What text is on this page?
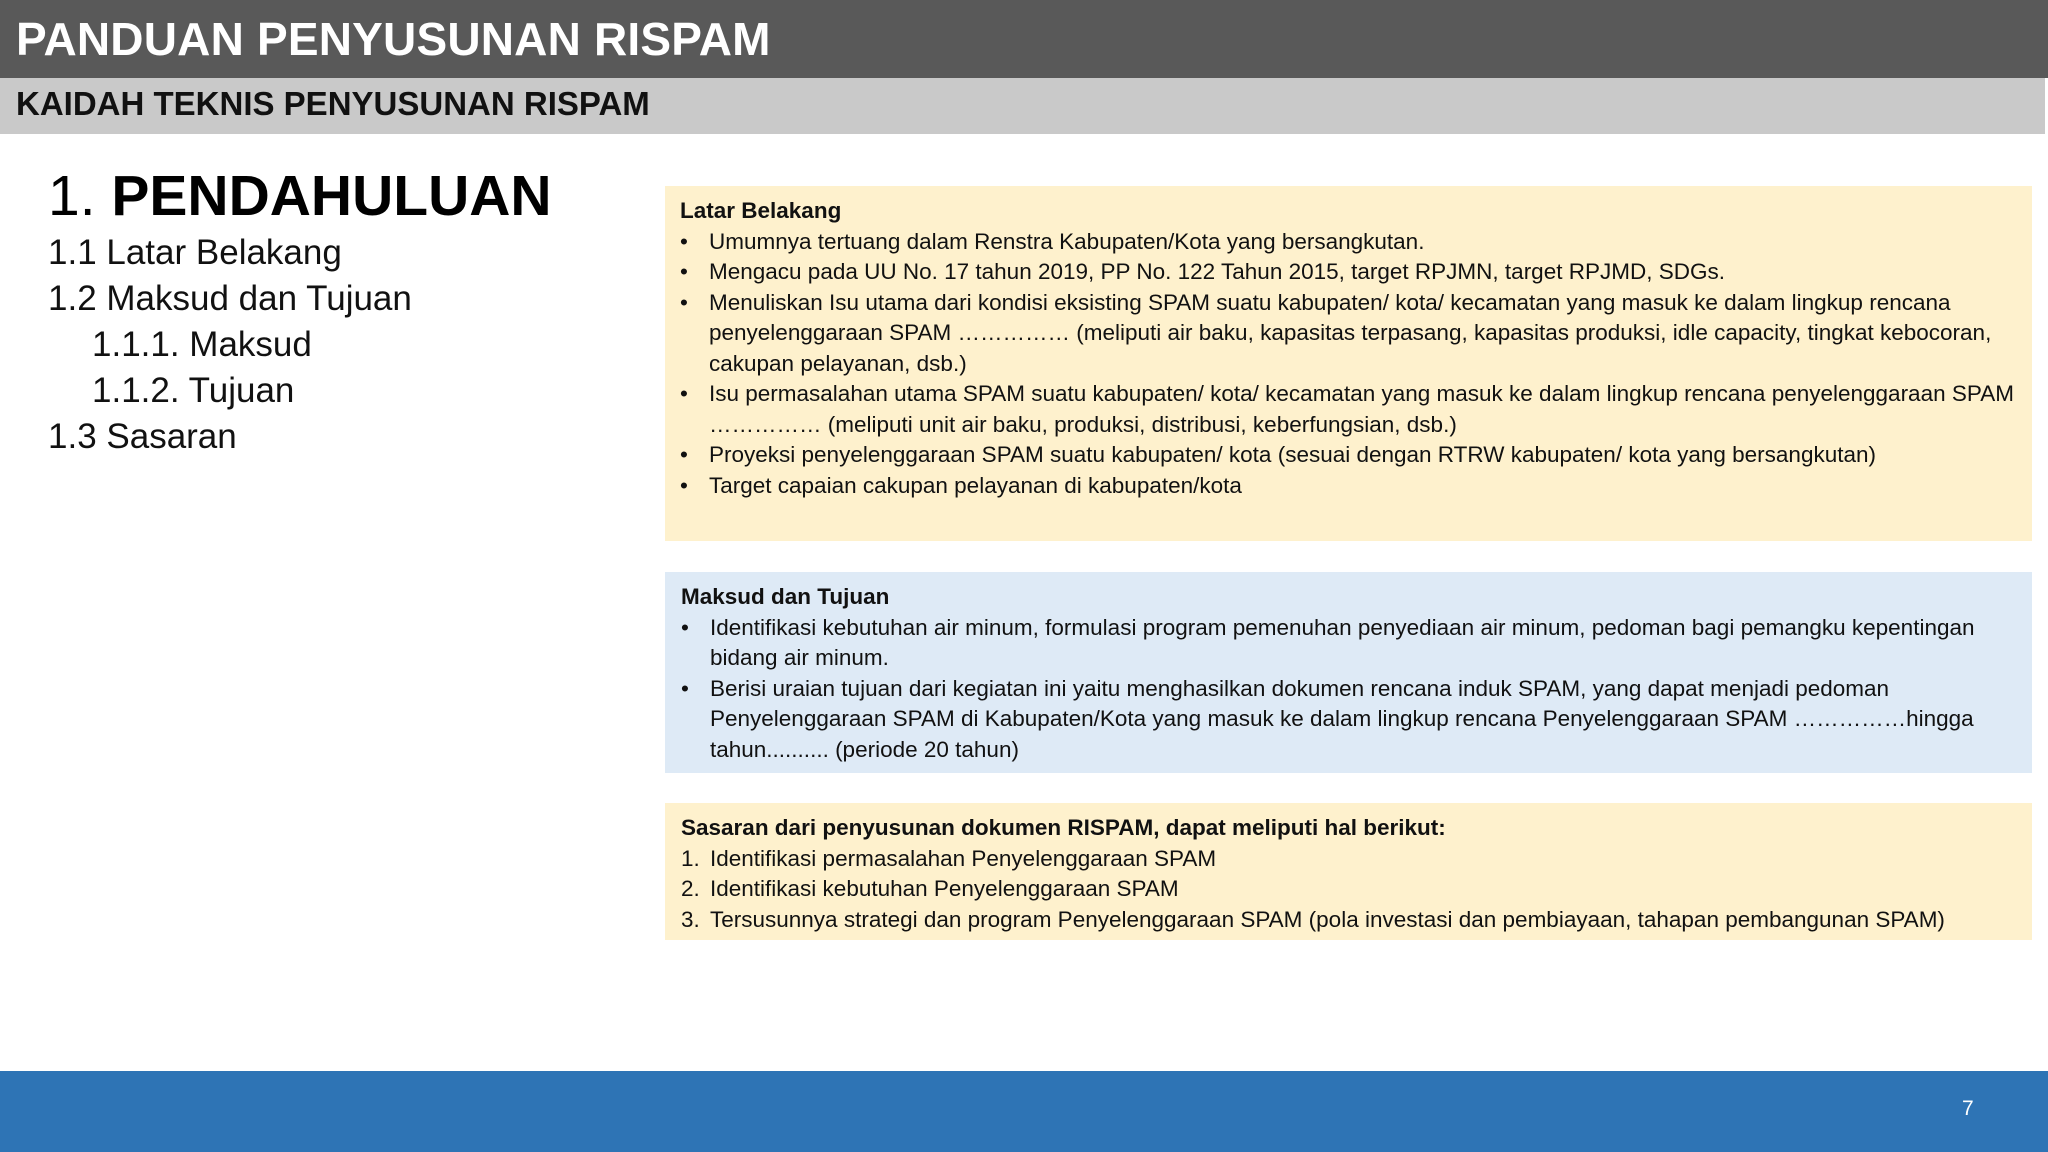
PANDUAN PENYUSUNAN RISPAM
KAIDAH TEKNIS PENYUSUNAN RISPAM
1. PENDAHULUAN
1.1 Latar Belakang
1.2 Maksud dan Tujuan
1.1.1. Maksud
1.1.2. Tujuan
1.3 Sasaran
Latar Belakang
• Umumnya tertuang dalam Renstra Kabupaten/Kota yang bersangkutan.
• Mengacu pada UU No. 17 tahun 2019, PP No. 122 Tahun 2015, target RPJMN, target RPJMD, SDGs.
• Menuliskan Isu utama dari kondisi eksisting SPAM suatu kabupaten/ kota/ kecamatan yang masuk ke dalam lingkup rencana penyelenggaraan SPAM …………… (meliputi air baku, kapasitas terpasang, kapasitas produksi, idle capacity, tingkat kebocoran, cakupan pelayanan, dsb.)
• Isu permasalahan utama SPAM suatu kabupaten/ kota/ kecamatan yang masuk ke dalam lingkup rencana penyelenggaraan SPAM …………… (meliputi unit air baku, produksi, distribusi, keberfungsian, dsb.)
• Proyeksi penyelenggaraan SPAM suatu kabupaten/ kota (sesuai dengan RTRW kabupaten/ kota yang bersangkutan)
• Target capaian cakupan pelayanan di kabupaten/kota
Maksud dan Tujuan
• Identifikasi kebutuhan air minum, formulasi program pemenuhan penyediaan air minum, pedoman bagi pemangku kepentingan bidang air minum.
• Berisi uraian tujuan dari kegiatan ini yaitu menghasilkan dokumen rencana induk SPAM, yang dapat menjadi pedoman Penyelenggaraan SPAM di Kabupaten/Kota yang masuk ke dalam lingkup rencana Penyelenggaraan SPAM ……………hingga tahun.......... (periode 20 tahun)
Sasaran dari penyusunan dokumen RISPAM, dapat meliputi hal berikut:
1. Identifikasi permasalahan Penyelenggaraan SPAM
2. Identifikasi kebutuhan Penyelenggaraan SPAM
3. Tersusunnya strategi dan program Penyelenggaraan SPAM (pola investasi dan pembiayaan, tahapan pembangunan SPAM)
7
